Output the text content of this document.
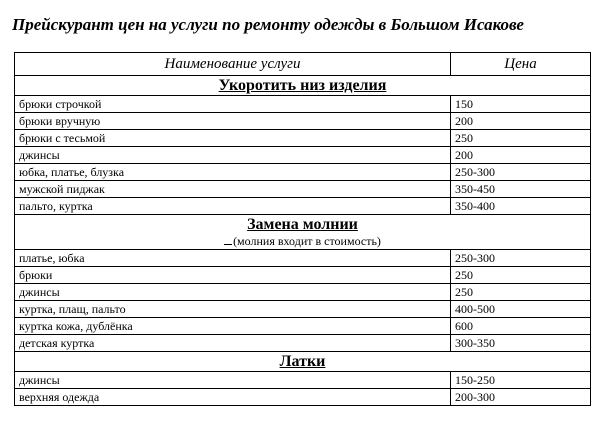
Прейскурант цен на услуги по ремонту одежды в Большом Исакове
Наименование услуги	Цена

Укоротить низ изделия	

брюки строчкой	150
брюки вручную	200
брюки с тесьмой	250
джинсы	200
юбка, платье, блузка	250-300
мужской пиджак	350-450
пальто, куртка	350-400

Замена молнии
(молния входит в стоимость)	

платье, юбка	250-300
брюки	250
джинсы	250
куртка, плащ, пальто	400-500
куртка кожа, дублёнка	600
детская куртка	300-350

Латки	

джинсы	150-250
верхняя одежда	200-300
